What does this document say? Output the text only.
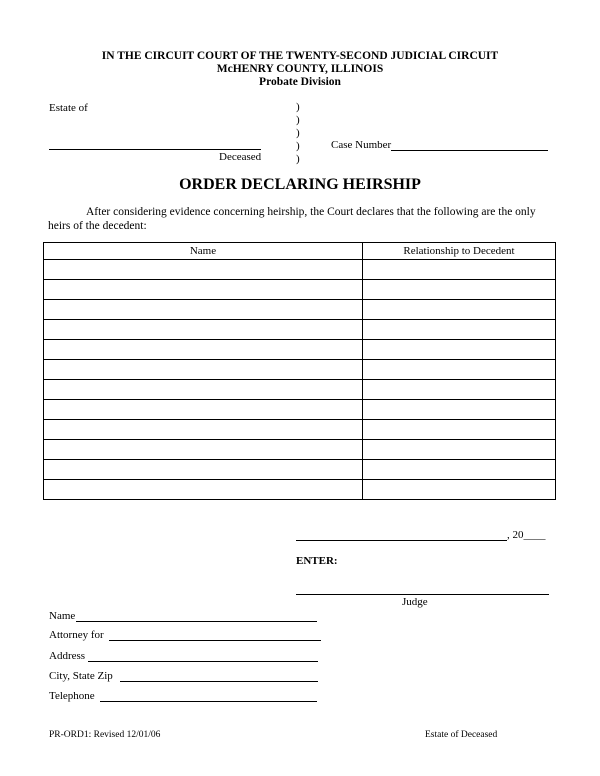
IN THE CIRCUIT COURT OF THE TWENTY-SECOND JUDICIAL CIRCUIT
McHENRY COUNTY, ILLINOIS
Probate Division
Estate of
Deceased
)
)
)
)
)
Case Number
ORDER DECLARING HEIRSHIP
After considering evidence concerning heirship, the Court declares that the following are the only heirs of the decedent:
Name	Relationship to Decedent

, 20____
ENTER:
Judge
Name
Attorney for
Address
City, State Zip
Telephone
PR-ORD1: Revised 12/01/06	Estate of Deceased
